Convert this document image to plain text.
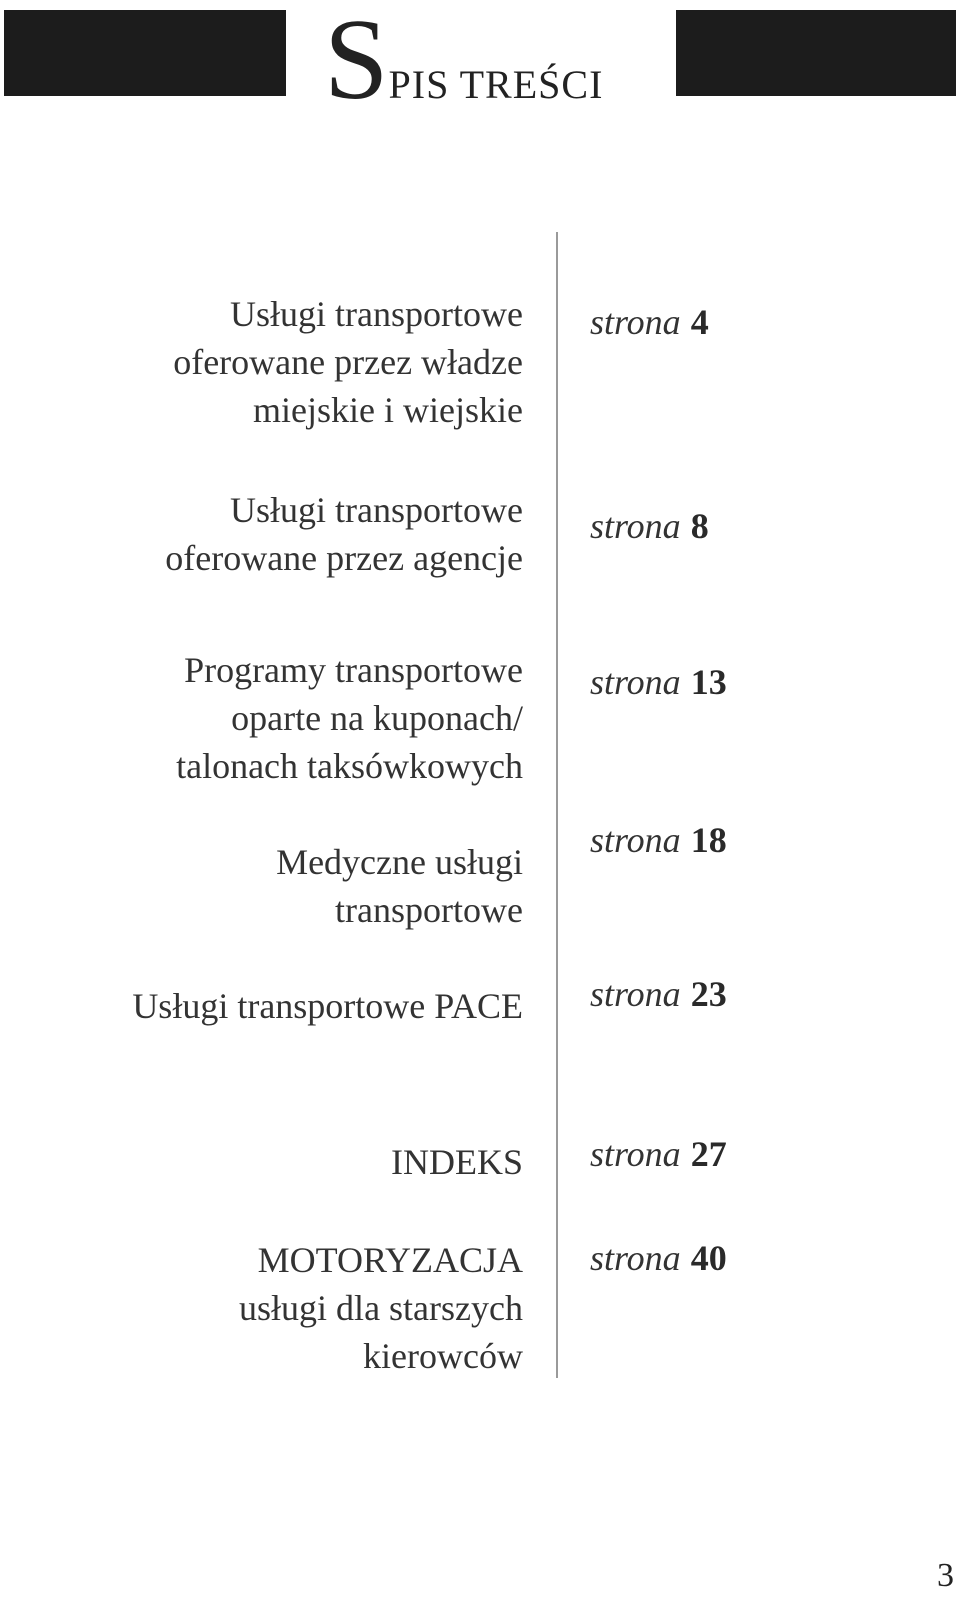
SPIS TREŚCI
Usługi transportowe
oferowane przez władze
miejskie i wiejskie
strona 4
Usługi transportowe
oferowane przez agencje
strona 8
Programy transportowe
oparte na kuponach/
talonach taksówkowych
strona 13
Medyczne usługi
transportowe
strona 18
Usługi transportowe PACE strona 23
INDEKS strona 27
MOTORYZACJA
usługi dla starszych
kierowców
strona 40
3
